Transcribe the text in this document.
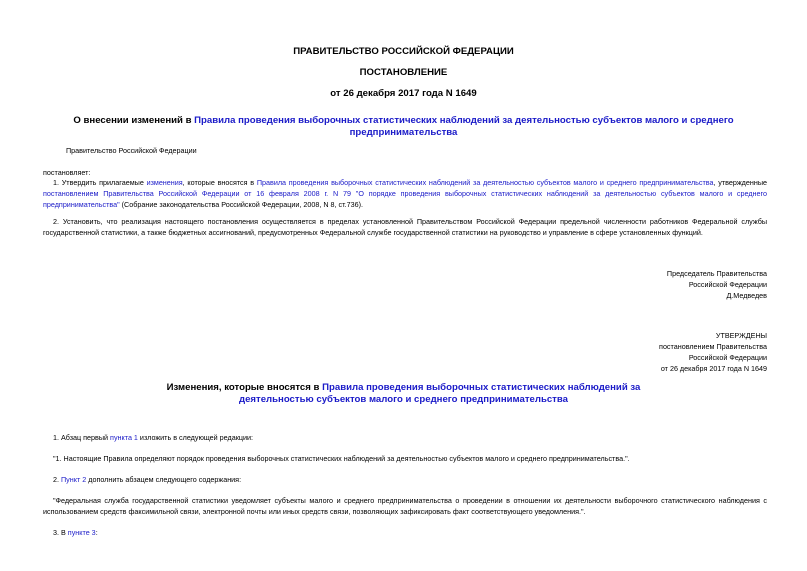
ПРАВИТЕЛЬСТВО РОССИЙСКОЙ ФЕДЕРАЦИИ
ПОСТАНОВЛЕНИЕ
от 26 декабря 2017 года N 1649
О внесении изменений в Правила проведения выборочных статистических наблюдений за деятельностью субъектов малого и среднего предпринимательства
Правительство Российской Федерации
постановляет:
1. Утвердить прилагаемые изменения, которые вносятся в Правила проведения выборочных статистических наблюдений за деятельностью субъектов малого и среднего предпринимательства, утвержденные постановлением Правительства Российской Федерации от 16 февраля 2008 г. N 79 "О порядке проведения выборочных статистических наблюдений за деятельностью субъектов малого и среднего предпринимательства" (Собрание законодательства Российской Федерации, 2008, N 8, ст.736).
2. Установить, что реализация настоящего постановления осуществляется в пределах установленной Правительством Российской Федерации предельной численности работников Федеральной службы государственной статистики, а также бюджетных ассигнований, предусмотренных Федеральной службе государственной статистики на руководство и управление в сфере установленных функций.
Председатель Правительства
Российской Федерации
Д.Медведев
УТВЕРЖДЕНЫ
постановлением Правительства
Российской Федерации
от 26 декабря 2017 года N 1649
Изменения, которые вносятся в Правила проведения выборочных статистических наблюдений за деятельностью субъектов малого и среднего предпринимательства
1. Абзац первый пункта 1 изложить в следующей редакции:
"1. Настоящие Правила определяют порядок проведения выборочных статистических наблюдений за деятельностью субъектов малого и среднего предпринимательства.".
2. Пункт 2 дополнить абзацем следующего содержания:
"Федеральная служба государственной статистики уведомляет субъекты малого и среднего предпринимательства о проведении в отношении их деятельности выборочного статистического наблюдения с использованием средств факсимильной связи, электронной почты или иных средств связи, позволяющих зафиксировать факт соответствующего уведомления.".
3. В пункте 3:
